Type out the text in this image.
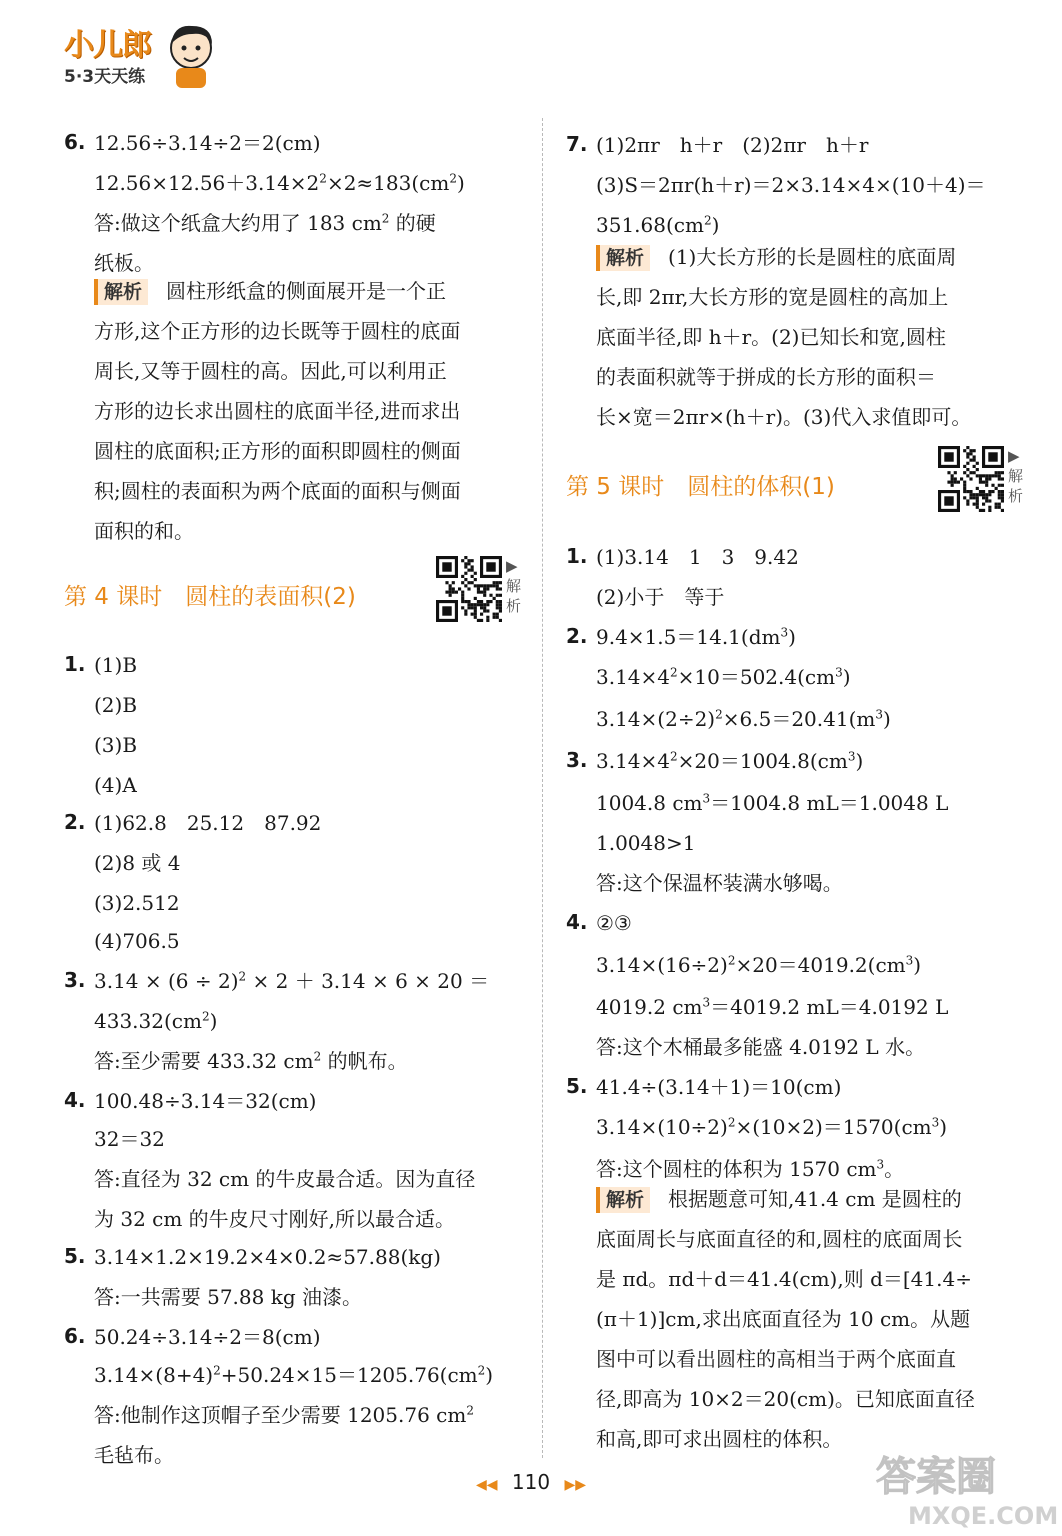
小儿郎
5·3天天练
6. 12.56÷3.14÷2＝2(cm)
$12.56\times 12.56+3.14\times 2^2\times 2\approx 183(cm^2)$
答:做这个纸盒大约用了 183 $cm^2$ 的硬
纸板。
解析 圆柱形纸盒的侧面展开是一个正
方形,这个正方形的边长既等于圆柱的底面
周长,又等于圆柱的高。因此,可以利用正
方形的边长求出圆柱的底面半径,进而求出
圆柱的底面积;正方形的面积即圆柱的侧面
积;圆柱的表面积为两个底面的面积与侧面
面积的和。
第 4 课时　圆柱的表面积(2)
▶解析
1. (1)B
(2)B
(3)B
(4)A
2. (1)62.8　25.12　87.92
(2)8 或 4
(3)2.512
(4)706.5
3. $3.14 \times (6 \div 2)^2 \times 2 + 3.14 \times 6 \times 20$ ＝
$433.32(cm^2)$
答:至少需要 433.32 $cm^2$ 的帆布。
4. 100.48÷3.14＝32(cm)
32＝32
答:直径为 32 cm 的牛皮最合适。因为直径
为 32 cm 的牛皮尺寸刚好,所以最合适。
5. 3.14×1.2×19.2×4×0.2≈57.88(kg)
答:一共需要 57.88 kg 油漆。
6. 50.24÷3.14÷2＝8(cm)
$3.14\times(8+4)^2+50.24\times 15=1205.76(cm^2)$
答:他制作这顶帽子至少需要 1205.76 $cm^2$
毛毡布。
7. (1)2πr　h＋r　(2)2πr　h＋r
(3)S＝2πr(h＋r)＝2×3.14×4×(10＋4)＝
$351.68(cm^2)$
解析 (1)大长方形的长是圆柱的底面周
长,即 2πr,大长方形的宽是圆柱的高加上
底面半径,即 h＋r。(2)已知长和宽,圆柱
的表面积就等于拼成的长方形的面积＝
长×宽＝2πr×(h＋r)。(3)代入求值即可。
第 5 课时　圆柱的体积(1)
▶解析
1. (1)3.14　1　3　9.42
(2)小于　等于
2. $9.4\times 1.5=14.1(dm^3)$
$3.14\times 4^2\times 10=502.4(cm^3)$
$3.14\times(2\div 2)^2\times 6.5=20.41(m^3)$
3. $3.14\times 4^2\times 20=1004.8(cm^3)$
1004.8 $cm^3=1004.8$ mL＝1.0048 L
1.0048>1
答:这个保温杯装满水够喝。
4. ②③
$3.14\times(16\div 2)^2\times 20=4019.2(cm^3)$
4019.2 $cm^3=4019.2$ mL＝4.0192 L
答:这个木桶最多能盛 4.0192 L 水。
5. 41.4÷(3.14＋1)＝10(cm)
$3.14\times(10\div 2)^2\times(10\times 2)=1570(cm^3)$
答:这个圆柱的体积为 1570 $cm^3$。
解析 根据题意可知,41.4 cm 是圆柱的
底面周长与底面直径的和,圆柱的底面周长
是 πd。πd＋d＝41.4(cm),则 d＝[41.4÷
(π＋1)]cm,求出底面直径为 10 cm。从题
图中可以看出圆柱的高相当于两个底面直
径,即高为 10×2＝20(cm)。已知底面直径
和高,即可求出圆柱的体积。
◀◀ 110 ▶▶	答案圈
MXQE.COM
